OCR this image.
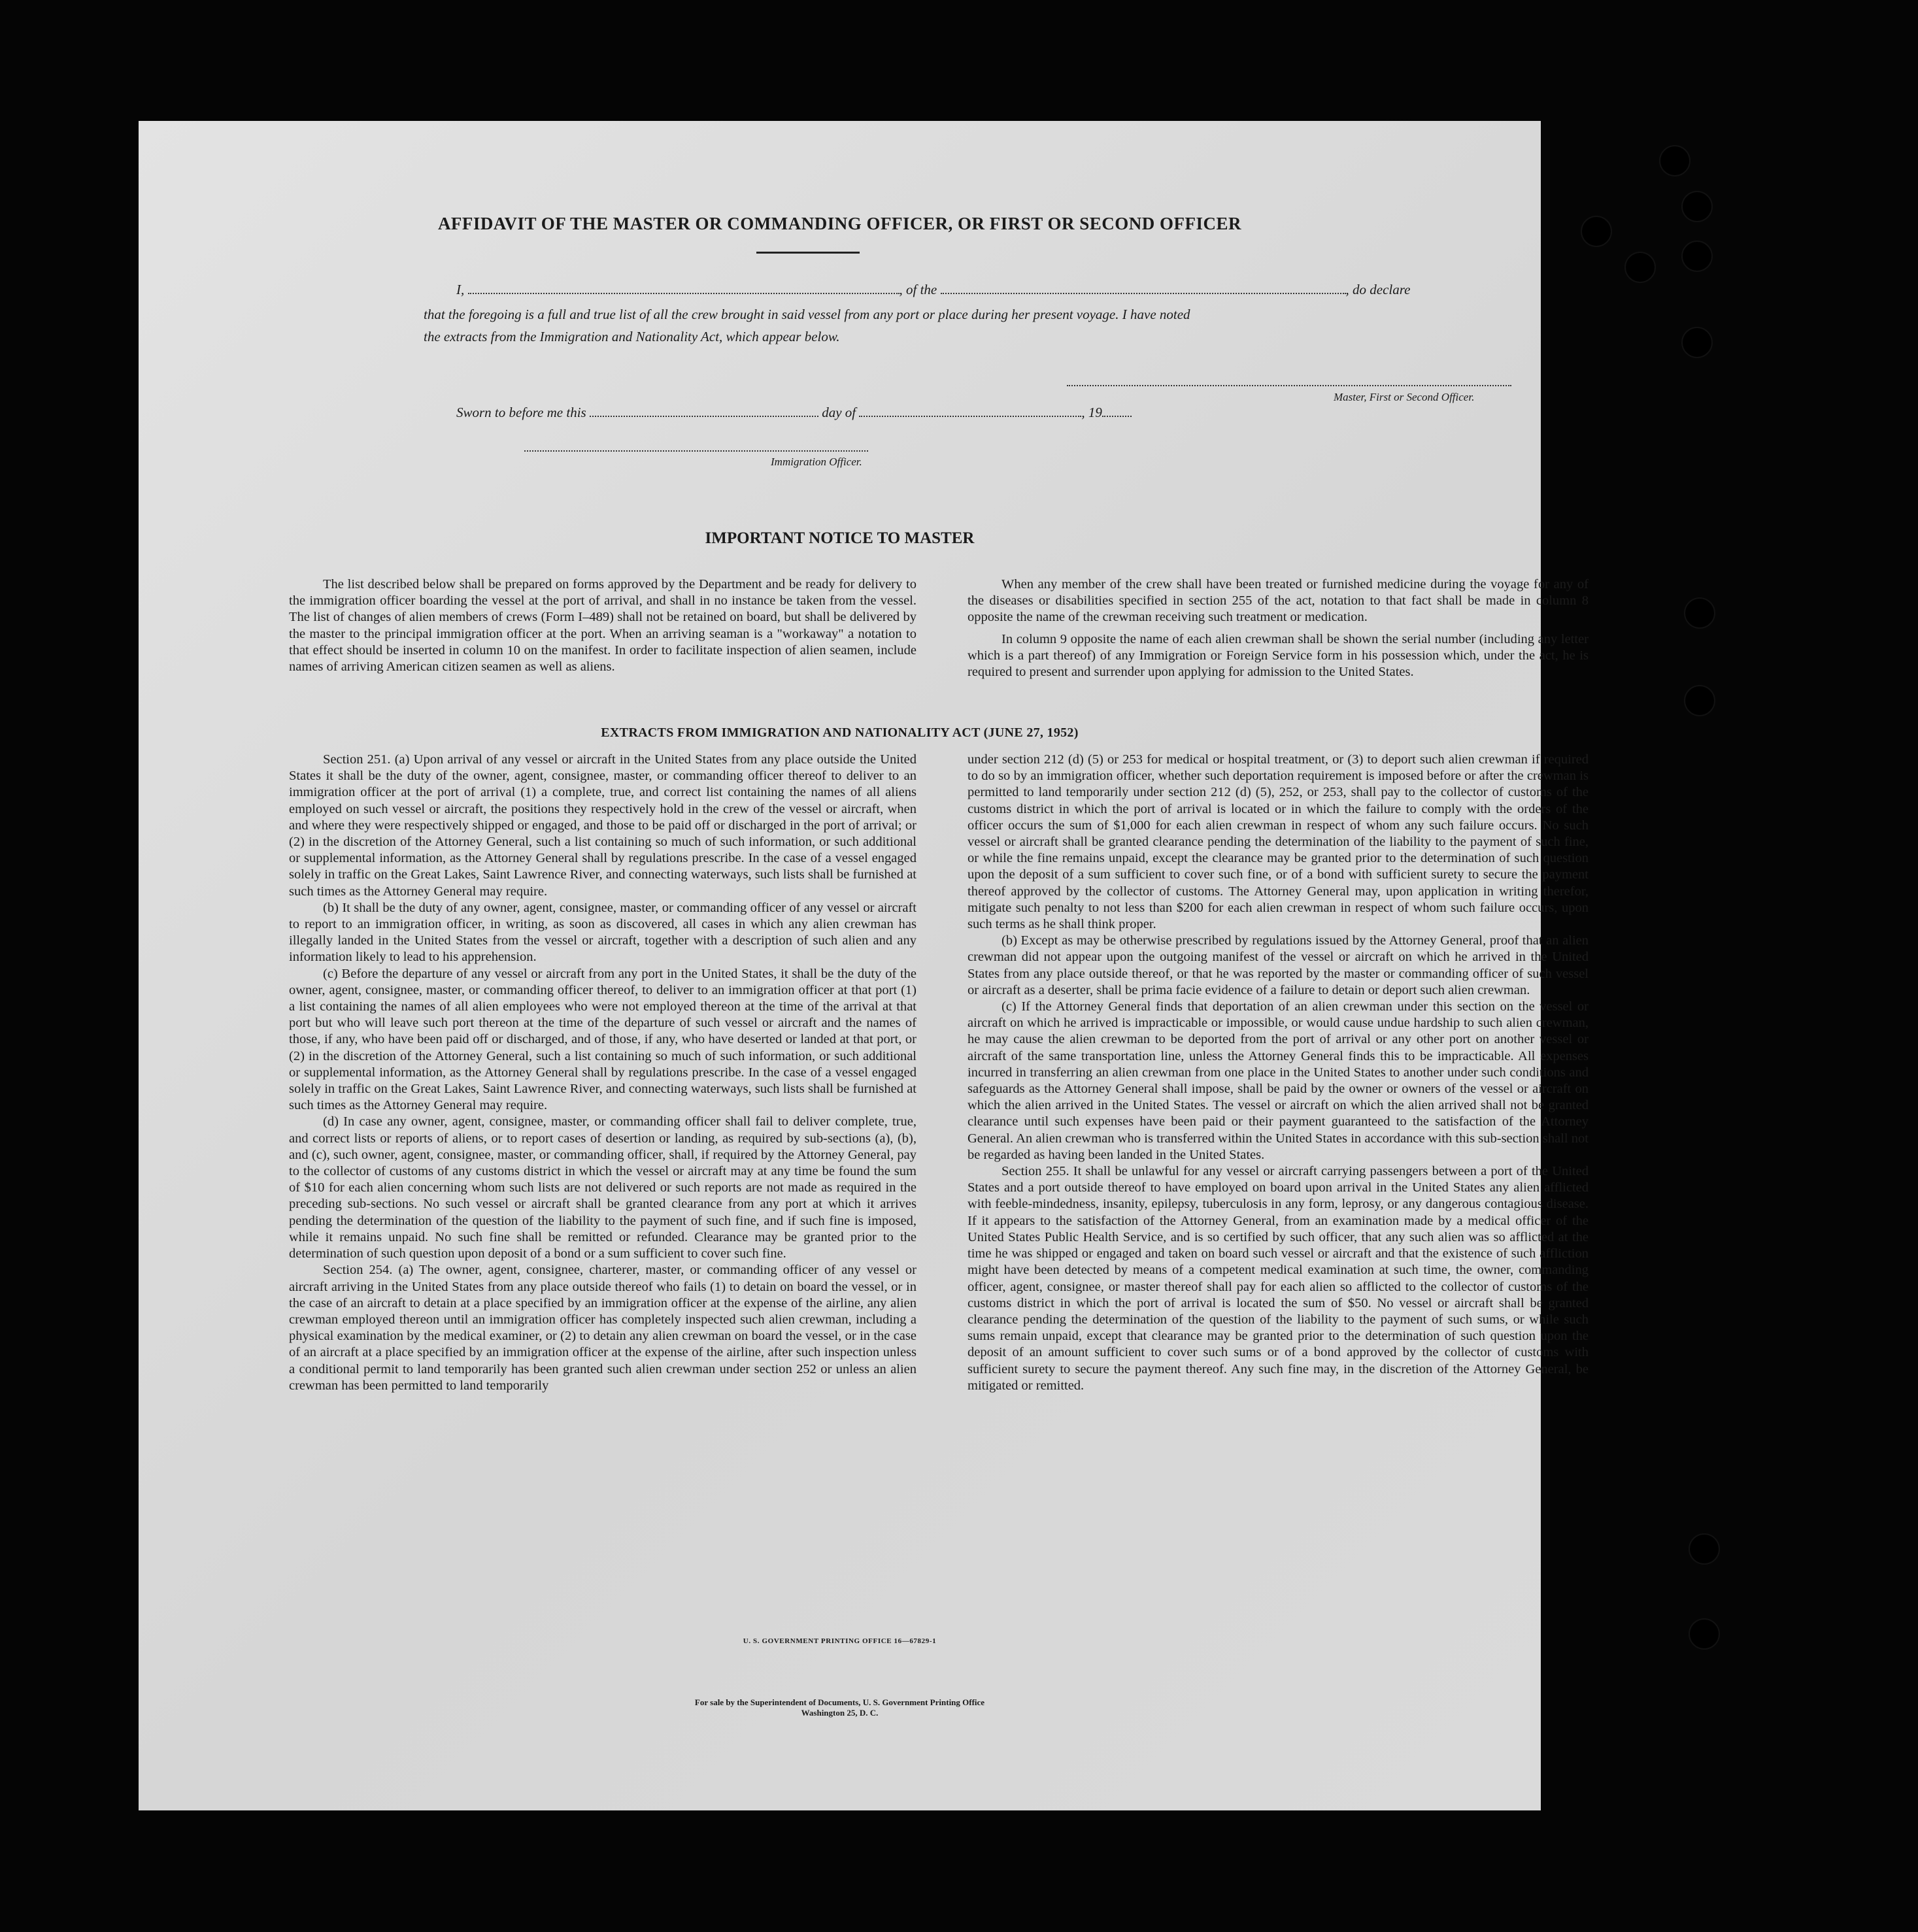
AFFIDAVIT OF THE MASTER OR COMMANDING OFFICER, OR FIRST OR SECOND OFFICER
I,	, of the	, do declare
that the foregoing is a full and true list of all the crew brought in said vessel from any port or place during her present voyage. I have noted
the extracts from the Immigration and Nationality Act, which appear below.
Master, First or Second Officer.
Sworn to before me this	day of	, 19
Immigration Officer.
IMPORTANT NOTICE TO MASTER

The list described below shall be prepared on forms approved by the Department and be ready for delivery to the immigration officer boarding the vessel at the port of arrival, and shall in no instance be taken from the vessel. The list of changes of alien members of crews (Form I–489) shall not be retained on board, but shall be delivered by the master to the principal immigration officer at the port. When an arriving seaman is a "workaway" a notation to that effect should be inserted in column 10 on the manifest. In order to facilitate inspection of alien seamen, include names of arriving American citizen seamen as well as aliens.

When any member of the crew shall have been treated or furnished medicine during the voyage for any of the diseases or disabilities specified in section 255 of the act, notation to that fact shall be made in column 8 opposite the name of the crewman receiving such treatment or medication.

In column 9 opposite the name of each alien crewman shall be shown the serial number (including any letter which is a part thereof) of any Immigration or Foreign Service form in his possession which, under the act, he is required to present and surrender upon applying for admission to the United States.

EXTRACTS FROM IMMIGRATION AND NATIONALITY ACT (JUNE 27, 1952)

Section 251. (a) Upon arrival of any vessel or aircraft in the United States from any place outside the United States it shall be the duty of the owner, agent, consignee, master, or commanding officer thereof to deliver to an immigration officer at the port of arrival (1) a complete, true, and correct list containing the names of all aliens employed on such vessel or aircraft, the positions they respectively hold in the crew of the vessel or aircraft, when and where they were respectively shipped or engaged, and those to be paid off or discharged in the port of arrival; or (2) in the discretion of the Attorney General, such a list containing so much of such information, or such additional or supplemental information, as the Attorney General shall by regulations prescribe. In the case of a vessel engaged solely in traffic on the Great Lakes, Saint Lawrence River, and connecting waterways, such lists shall be furnished at such times as the Attorney General may require.

(b) It shall be the duty of any owner, agent, consignee, master, or commanding officer of any vessel or aircraft to report to an immigration officer, in writing, as soon as discovered, all cases in which any alien crewman has illegally landed in the United States from the vessel or aircraft, together with a description of such alien and any information likely to lead to his apprehension.

(c) Before the departure of any vessel or aircraft from any port in the United States, it shall be the duty of the owner, agent, consignee, master, or commanding officer thereof, to deliver to an immigration officer at that port (1) a list containing the names of all alien employees who were not employed thereon at the time of the arrival at that port but who will leave such port thereon at the time of the departure of such vessel or aircraft and the names of those, if any, who have been paid off or discharged, and of those, if any, who have deserted or landed at that port, or (2) in the discretion of the Attorney General, such a list containing so much of such information, or such additional or supplemental information, as the Attorney General shall by regulations prescribe. In the case of a vessel engaged solely in traffic on the Great Lakes, Saint Lawrence River, and connecting waterways, such lists shall be furnished at such times as the Attorney General may require.

(d) In case any owner, agent, consignee, master, or commanding officer shall fail to deliver complete, true, and correct lists or reports of aliens, or to report cases of desertion or landing, as required by sub-sections (a), (b), and (c), such owner, agent, consignee, master, or commanding officer, shall, if required by the Attorney General, pay to the collector of customs of any customs district in which the vessel or aircraft may at any time be found the sum of $10 for each alien concerning whom such lists are not delivered or such reports are not made as required in the preceding sub-sections. No such vessel or aircraft shall be granted clearance from any port at which it arrives pending the determination of the question of the liability to the payment of such fine, and if such fine is imposed, while it remains unpaid. No such fine shall be remitted or refunded. Clearance may be granted prior to the determination of such question upon deposit of a bond or a sum sufficient to cover such fine.

Section 254. (a) The owner, agent, consignee, charterer, master, or commanding officer of any vessel or aircraft arriving in the United States from any place outside thereof who fails (1) to detain on board the vessel, or in the case of an aircraft to detain at a place specified by an immigration officer at the expense of the airline, any alien crewman employed thereon until an immigration officer has completely inspected such alien crewman, including a physical examination by the medical examiner, or (2) to detain any alien crewman on board the vessel, or in the case of an aircraft at a place specified by an immigration officer at the expense of the airline, after such inspection unless a conditional permit to land temporarily has been granted such alien crewman under section 252 or unless an alien crewman has been permitted to land temporarily

under section 212 (d) (5) or 253 for medical or hospital treatment, or (3) to deport such alien crewman if required to do so by an immigration officer, whether such deportation requirement is imposed before or after the crewman is permitted to land temporarily under section 212 (d) (5), 252, or 253, shall pay to the collector of customs of the customs district in which the port of arrival is located or in which the failure to comply with the orders of the officer occurs the sum of $1,000 for each alien crewman in respect of whom any such failure occurs. No such vessel or aircraft shall be granted clearance pending the determination of the liability to the payment of such fine, or while the fine remains unpaid, except the clearance may be granted prior to the determination of such question upon the deposit of a sum sufficient to cover such fine, or of a bond with sufficient surety to secure the payment thereof approved by the collector of customs. The Attorney General may, upon application in writing therefor, mitigate such penalty to not less than $200 for each alien crewman in respect of whom such failure occurs, upon such terms as he shall think proper.

(b) Except as may be otherwise prescribed by regulations issued by the Attorney General, proof that an alien crewman did not appear upon the outgoing manifest of the vessel or aircraft on which he arrived in the United States from any place outside thereof, or that he was reported by the master or commanding officer of such vessel or aircraft as a deserter, shall be prima facie evidence of a failure to detain or deport such alien crewman.

(c) If the Attorney General finds that deportation of an alien crewman under this section on the vessel or aircraft on which he arrived is impracticable or impossible, or would cause undue hardship to such alien crewman, he may cause the alien crewman to be deported from the port of arrival or any other port on another vessel or aircraft of the same transportation line, unless the Attorney General finds this to be impracticable. All expenses incurred in transferring an alien crewman from one place in the United States to another under such conditions and safeguards as the Attorney General shall impose, shall be paid by the owner or owners of the vessel or aircraft on which the alien arrived in the United States. The vessel or aircraft on which the alien arrived shall not be granted clearance until such expenses have been paid or their payment guaranteed to the satisfaction of the Attorney General. An alien crewman who is transferred within the United States in accordance with this sub-section shall not be regarded as having been landed in the United States.

Section 255. It shall be unlawful for any vessel or aircraft carrying passengers between a port of the United States and a port outside thereof to have employed on board upon arrival in the United States any alien afflicted with feeble-mindedness, insanity, epilepsy, tuberculosis in any form, leprosy, or any dangerous contagious disease. If it appears to the satisfaction of the Attorney General, from an examination made by a medical officer of the United States Public Health Service, and is so certified by such officer, that any such alien was so afflicted at the time he was shipped or engaged and taken on board such vessel or aircraft and that the existence of such affliction might have been detected by means of a competent medical examination at such time, the owner, commanding officer, agent, consignee, or master thereof shall pay for each alien so afflicted to the collector of customs of the customs district in which the port of arrival is located the sum of $50. No vessel or aircraft shall be granted clearance pending the determination of the question of the liability to the payment of such sums, or while such sums remain unpaid, except that clearance may be granted prior to the determination of such question upon the deposit of an amount sufficient to cover such sums or of a bond approved by the collector of customs with sufficient surety to secure the payment thereof. Any such fine may, in the discretion of the Attorney General, be mitigated or remitted.

U. S. GOVERNMENT PRINTING OFFICE 16—67829-1
For sale by the Superintendent of Documents, U. S. Government Printing Office
Washington 25, D. C.
